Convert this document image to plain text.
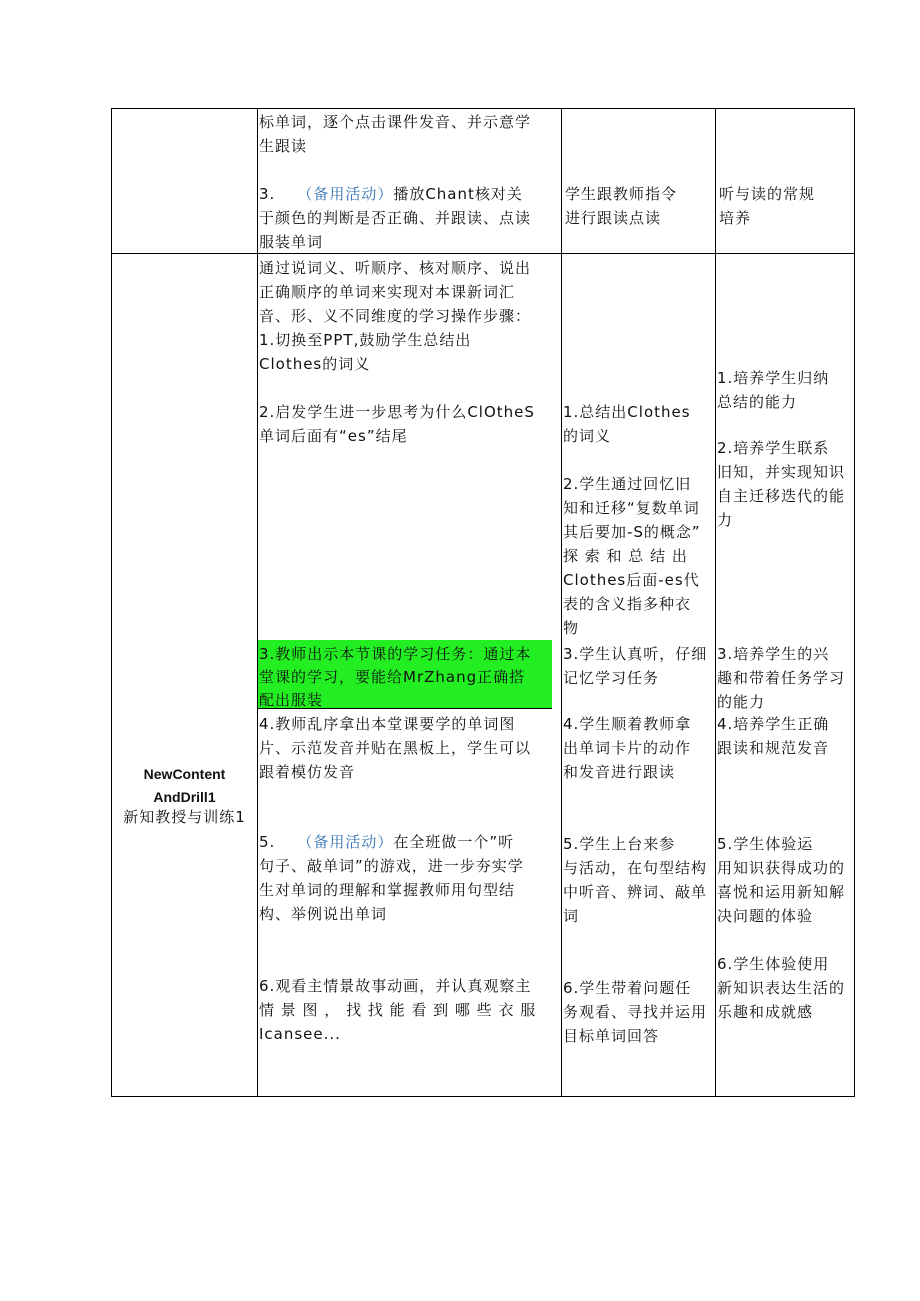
标单词，逐个点击课件发音、并示意学
生跟读
3. （备用活动）播放Chant核对关
于颜色的判断是否正确、并跟读、点读
服装单词
学生跟教师指令
进行跟读点读
听与读的常规
培养
NewContent
AndDrill1
新知教授与训练1
通过说词义、听顺序、核对顺序、说出
正确顺序的单词来实现对本课新词汇
音、形、义不同维度的学习操作步骤：
1.切换至PPT,鼓励学生总结出
Clothes的词义
2.启发学生进一步思考为什么ClOtheS
单词后面有“es”结尾
3.教师出示本节课的学习任务：通过本
堂课的学习，要能给MrZhang正确搭
配出服装
4.教师乱序拿出本堂课要学的单词图
片、示范发音并贴在黑板上，学生可以
跟着模仿发音
5. （备用活动）在全班做一个”听
句子、敲单词”的游戏，进一步夯实学
生对单词的理解和掌握教师用句型结
构、举例说出单词
6.观看主情景故事动画，并认真观察主
情 景 图 ， 找 找 能 看 到 哪 些 衣 服
Icansee...
1.总结出Clothes
的词义
2.学生通过回忆旧
知和迁移“复数单词
其后要加-S的概念”
探 索 和 总 结 出
Clothes后面-es代
表的含义指多种衣
物
3.学生认真听，仔细
记忆学习任务
4.学生顺着教师拿
出单词卡片的动作
和发音进行跟读
5.学生上台来参
与活动，在句型结构
中听音、辨词、敲单
词
6.学生带着问题任
务观看、寻找并运用
目标单词回答
1.培养学生归纳
总结的能力
2.培养学生联系
旧知，并实现知识
自主迁移迭代的能
力
3.培养学生的兴
趣和带着任务学习
的能力
4.培养学生正确
跟读和规范发音
5.学生体验运
用知识获得成功的
喜悦和运用新知解
决问题的体验
6.学生体验使用
新知识表达生活的
乐趣和成就感
